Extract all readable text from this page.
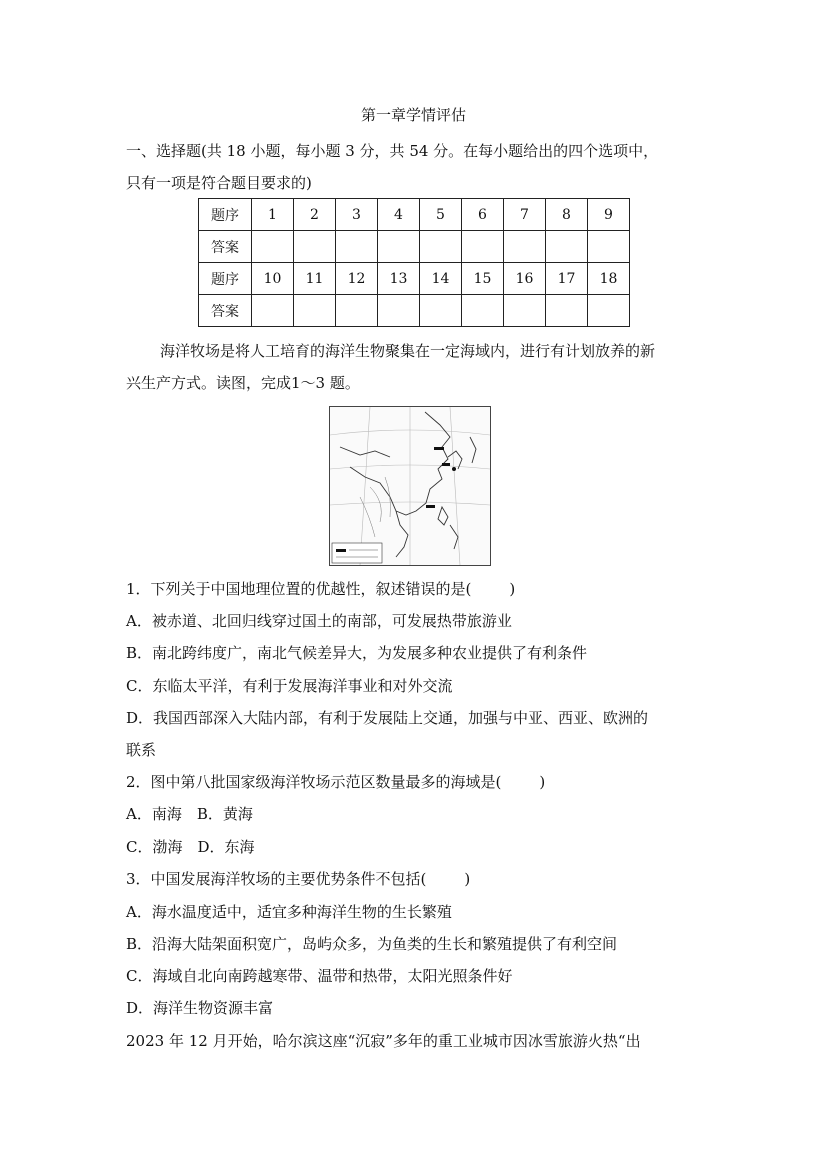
第一章学情评估
一、选择题(共 18 小题，每小题 3 分，共 54 分。在每小题给出的四个选项中，
只有一项是符合题目要求的)
题序	1	2	3	4	5	6	7	8	9
答案									
题序	10	11	12	13	14	15	16	17	18
答案									
海洋牧场是将人工培育的海洋生物聚集在一定海域内，进行有计划放养的新
兴生产方式。读图，完成1～3 题。
1．下列关于中国地理位置的优越性，叙述错误的是(	)
A．被赤道、北回归线穿过国土的南部，可发展热带旅游业
B．南北跨纬度广，南北气候差异大，为发展多种农业提供了有利条件
C．东临太平洋，有利于发展海洋事业和对外交流
D．我国西部深入大陆内部，有利于发展陆上交通，加强与中亚、西亚、欧洲的
联系
2．图中第八批国家级海洋牧场示范区数量最多的海域是(	)
A．南海　B．黄海
C．渤海　D．东海
3．中国发展海洋牧场的主要优势条件不包括(	)
A．海水温度适中，适宜多种海洋生物的生长繁殖
B．沿海大陆架面积宽广，岛屿众多，为鱼类的生长和繁殖提供了有利空间
C．海域自北向南跨越寒带、温带和热带，太阳光照条件好
D．海洋生物资源丰富
2023 年 12 月开始，哈尔滨这座“沉寂”多年的重工业城市因冰雪旅游火热“出
